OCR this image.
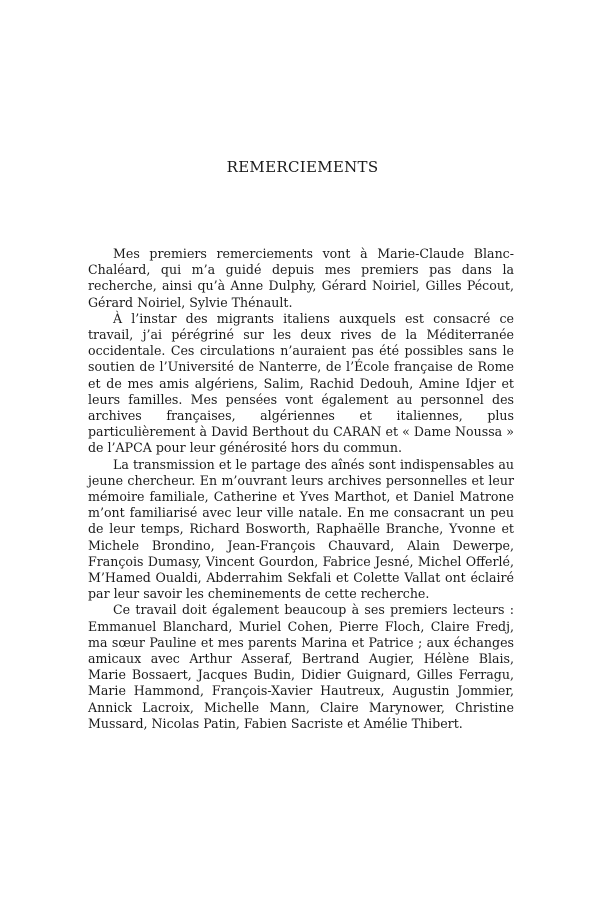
REMERCIEMENTS

Mes premiers remerciements vont à Marie-Claude Blanc-Chaléard, qui m’a guidé depuis mes premiers pas dans la recherche, ainsi qu’à Anne Dulphy, Gérard Noiriel, Gilles Pécout, Gérard Noiriel, Sylvie Thénault.

À l’instar des migrants italiens auxquels est consacré ce travail, j’ai pérégriné sur les deux rives de la Méditerranée occidentale. Ces circulations n’auraient pas été possibles sans le soutien de l’Université de Nanterre, de l’École française de Rome et de mes amis algériens, Salim, Rachid Dedouh, Amine Idjer et leurs familles. Mes pensées vont également au personnel des archives françaises, algériennes et italiennes, plus particulièrement à David Berthout du CARAN et « Dame Noussa » de l’APCA pour leur générosité hors du commun.

La transmission et le partage des aînés sont indispensables au jeune chercheur. En m’ouvrant leurs archives personnelles et leur mémoire familiale, Catherine et Yves Marthot, et Daniel Matrone m’ont familiarisé avec leur ville natale. En me consacrant un peu de leur temps, Richard Bosworth, Raphaëlle Branche, Yvonne et Michele Brondino, Jean-François Chauvard, Alain Dewerpe, François Dumasy, Vincent Gourdon, Fabrice Jesné, Michel Offerlé, M’Hamed Oualdi, Abderrahim Sekfali et Colette Vallat ont éclairé par leur savoir les cheminements de cette recherche.

Ce travail doit également beaucoup à ses premiers lecteurs : Emmanuel Blanchard, Muriel Cohen, Pierre Floch, Claire Fredj, ma sœur Pauline et mes parents Marina et Patrice ; aux échanges amicaux avec Arthur Asseraf, Bertrand Augier, Hélène Blais, Marie Bossaert, Jacques Budin, Didier Guignard, Gilles Ferragu, Marie Hammond, François-Xavier Hautreux, Augustin Jommier, Annick Lacroix, Michelle Mann, Claire Marynower, Christine Mussard, Nicolas Patin, Fabien Sacriste et Amélie Thibert.
